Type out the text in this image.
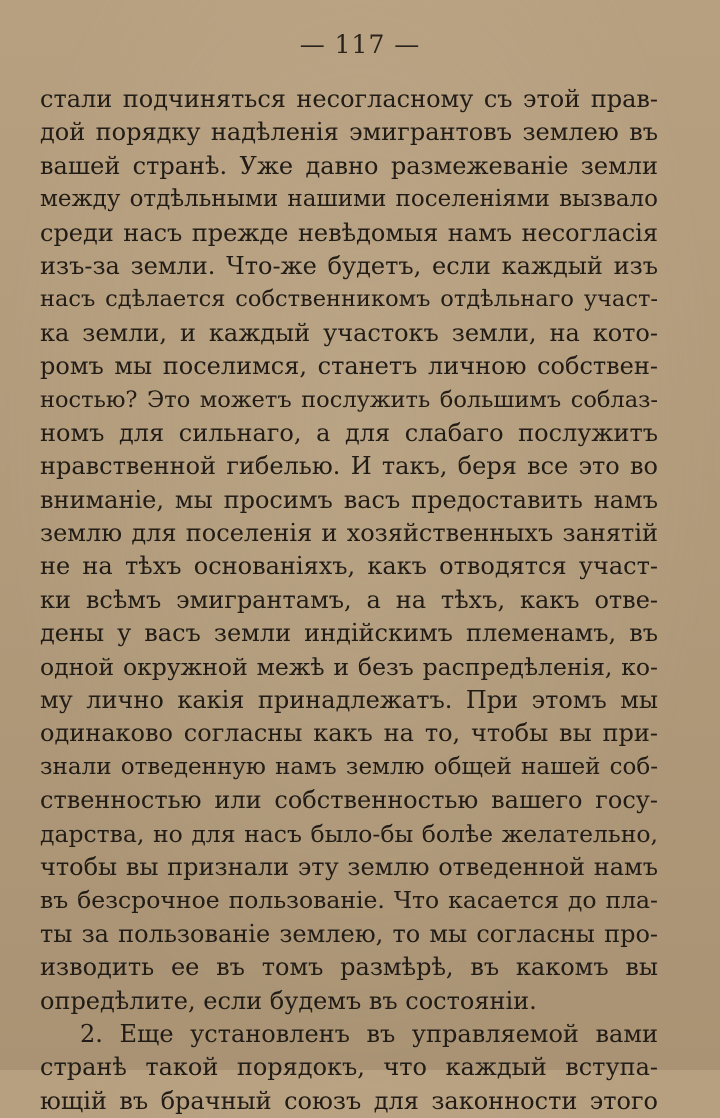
— 117 —
стали подчиняться несогласному съ этой прав-
дой порядку надѣленія эмигрантовъ землею въ
вашей странѣ. Уже давно размежеваніе земли
между отдѣльными нашими поселеніями вызвало
среди насъ прежде невѣдомыя намъ несогласія
изъ-за земли. Что-же будетъ, если каждый изъ
насъ сдѣлается собственникомъ отдѣльнаго участ-
ка земли, и каждый участокъ земли, на кото-
ромъ мы поселимся, станетъ личною собствен-
ностью? Это можетъ послужить большимъ соблаз-
номъ для сильнаго, а для слабаго послужитъ
нравственной гибелью. И такъ, беря все это во
вниманіе, мы просимъ васъ предоставить намъ
землю для поселенія и хозяйственныхъ занятій
не на тѣхъ основаніяхъ, какъ отводятся участ-
ки всѣмъ эмигрантамъ, а на тѣхъ, какъ отве-
дены у васъ земли индійскимъ племенамъ, въ
одной окружной межѣ и безъ распредѣленія, ко-
му лично какія принадлежатъ. При этомъ мы
одинаково согласны какъ на то, чтобы вы при-
знали отведенную намъ землю общей нашей соб-
ственностью или собственностью вашего госу-
дарства, но для насъ было-бы болѣе желательно,
чтобы вы признали эту землю отведенной намъ
въ безсрочное пользованіе. Что касается до пла-
ты за пользованіе землею, то мы согласны про-
изводить ее въ томъ размѣрѣ, въ какомъ вы
опредѣлите, если будемъ въ состояніи.
2. Еще установленъ въ управляемой вами
странѣ такой порядокъ, что каждый вступа-
ющій въ брачный союзъ для законности этого
